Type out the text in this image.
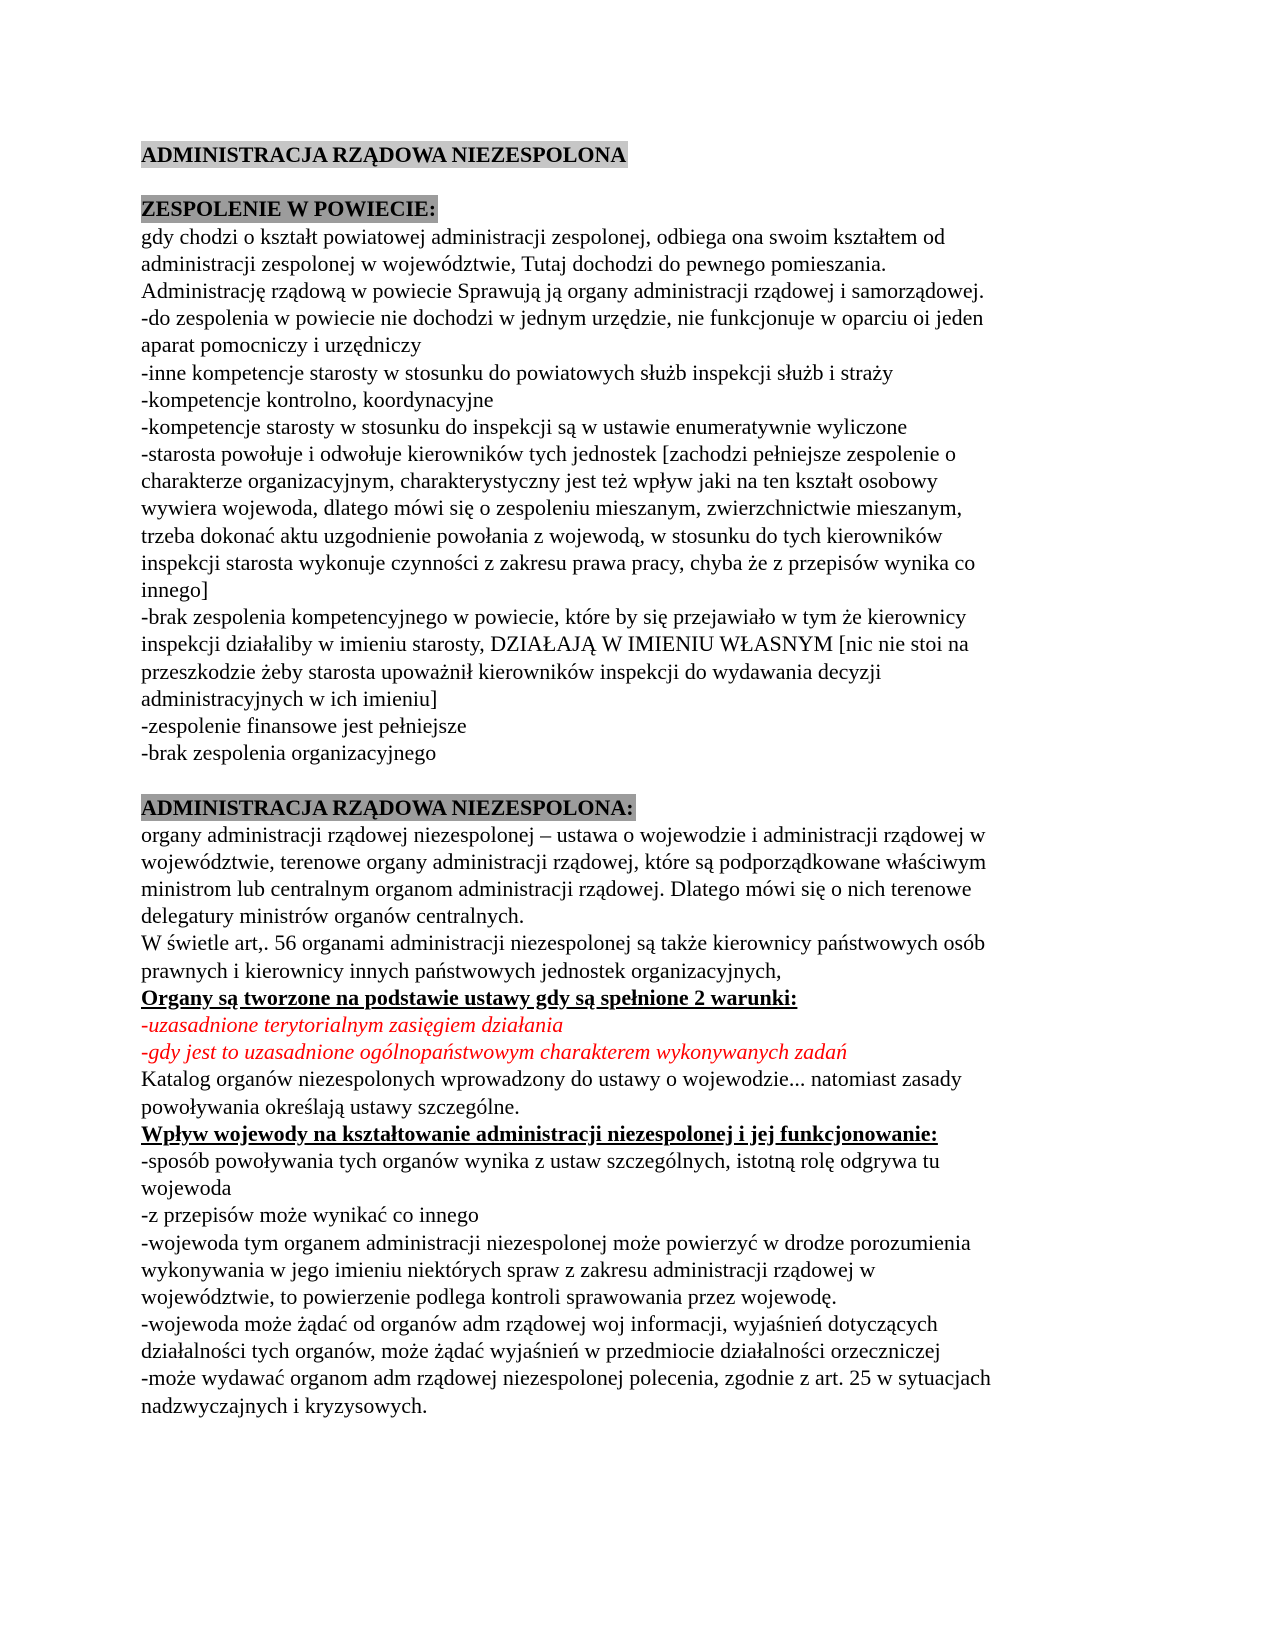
ADMINISTRACJA RZĄDOWA NIEZESPOLONA
ZESPOLENIE W POWIECIE:
gdy chodzi o kształt powiatowej administracji zespolonej, odbiega ona swoim kształtem od
administracji zespolonej w województwie, Tutaj dochodzi do pewnego pomieszania.
Administrację rządową w powiecie Sprawują ją organy administracji rządowej i samorządowej.
-do zespolenia w powiecie nie dochodzi w jednym urzędzie, nie funkcjonuje w oparciu oi jeden
aparat pomocniczy i urzędniczy
-inne kompetencje starosty w stosunku do powiatowych służb inspekcji służb i straży
-kompetencje kontrolno, koordynacyjne
-kompetencje starosty w stosunku do inspekcji są w ustawie enumeratywnie wyliczone
-starosta powołuje i odwołuje kierowników tych jednostek [zachodzi pełniejsze zespolenie o
charakterze organizacyjnym, charakterystyczny jest też wpływ jaki na ten kształt osobowy
wywiera wojewoda, dlatego mówi się o zespoleniu mieszanym, zwierzchnictwie mieszanym,
trzeba dokonać aktu uzgodnienie powołania z wojewodą, w stosunku do tych kierowników
inspekcji starosta wykonuje czynności z zakresu prawa pracy, chyba że z przepisów wynika co
innego]
-brak zespolenia kompetencyjnego w powiecie, które by się przejawiało w tym że kierownicy
inspekcji działaliby w imieniu starosty, DZIAŁAJĄ W IMIENIU WŁASNYM [nic nie stoi na
przeszkodzie żeby starosta upoważnił kierowników inspekcji do wydawania decyzji
administracyjnych w ich imieniu]
-zespolenie finansowe jest pełniejsze
-brak zespolenia organizacyjnego
ADMINISTRACJA RZĄDOWA NIEZESPOLONA:
organy administracji rządowej niezespolonej – ustawa o wojewodzie i administracji rządowej w
województwie, terenowe organy administracji rządowej, które są podporządkowane właściwym
ministrom lub centralnym organom administracji rządowej. Dlatego mówi się o nich terenowe
delegatury ministrów organów centralnych.
W świetle art,. 56 organami administracji niezespolonej są także kierownicy państwowych osób
prawnych i kierownicy innych państwowych jednostek organizacyjnych,
Organy są tworzone na podstawie ustawy gdy są spełnione 2 warunki:
-uzasadnione terytorialnym zasięgiem działania
-gdy jest to uzasadnione ogólnopaństwowym charakterem wykonywanych zadań
Katalog organów niezespolonych wprowadzony do ustawy o wojewodzie... natomiast zasady
powoływania określają ustawy szczególne.
Wpływ wojewody na kształtowanie administracji niezespolonej i jej funkcjonowanie:
-sposób powoływania tych organów wynika z ustaw szczególnych, istotną rolę odgrywa tu
wojewoda
-z przepisów może wynikać co innego
-wojewoda tym organem administracji niezespolonej może powierzyć w drodze porozumienia
wykonywania w jego imieniu niektórych spraw z zakresu administracji rządowej w
województwie, to powierzenie podlega kontroli sprawowania przez wojewodę.
-wojewoda może żądać od organów adm rządowej woj informacji, wyjaśnień dotyczących
działalności tych organów, może żądać wyjaśnień w przedmiocie działalności orzeczniczej
-może wydawać organom adm rządowej niezespolonej polecenia, zgodnie z art. 25 w sytuacjach
nadzwyczajnych i kryzysowych.
